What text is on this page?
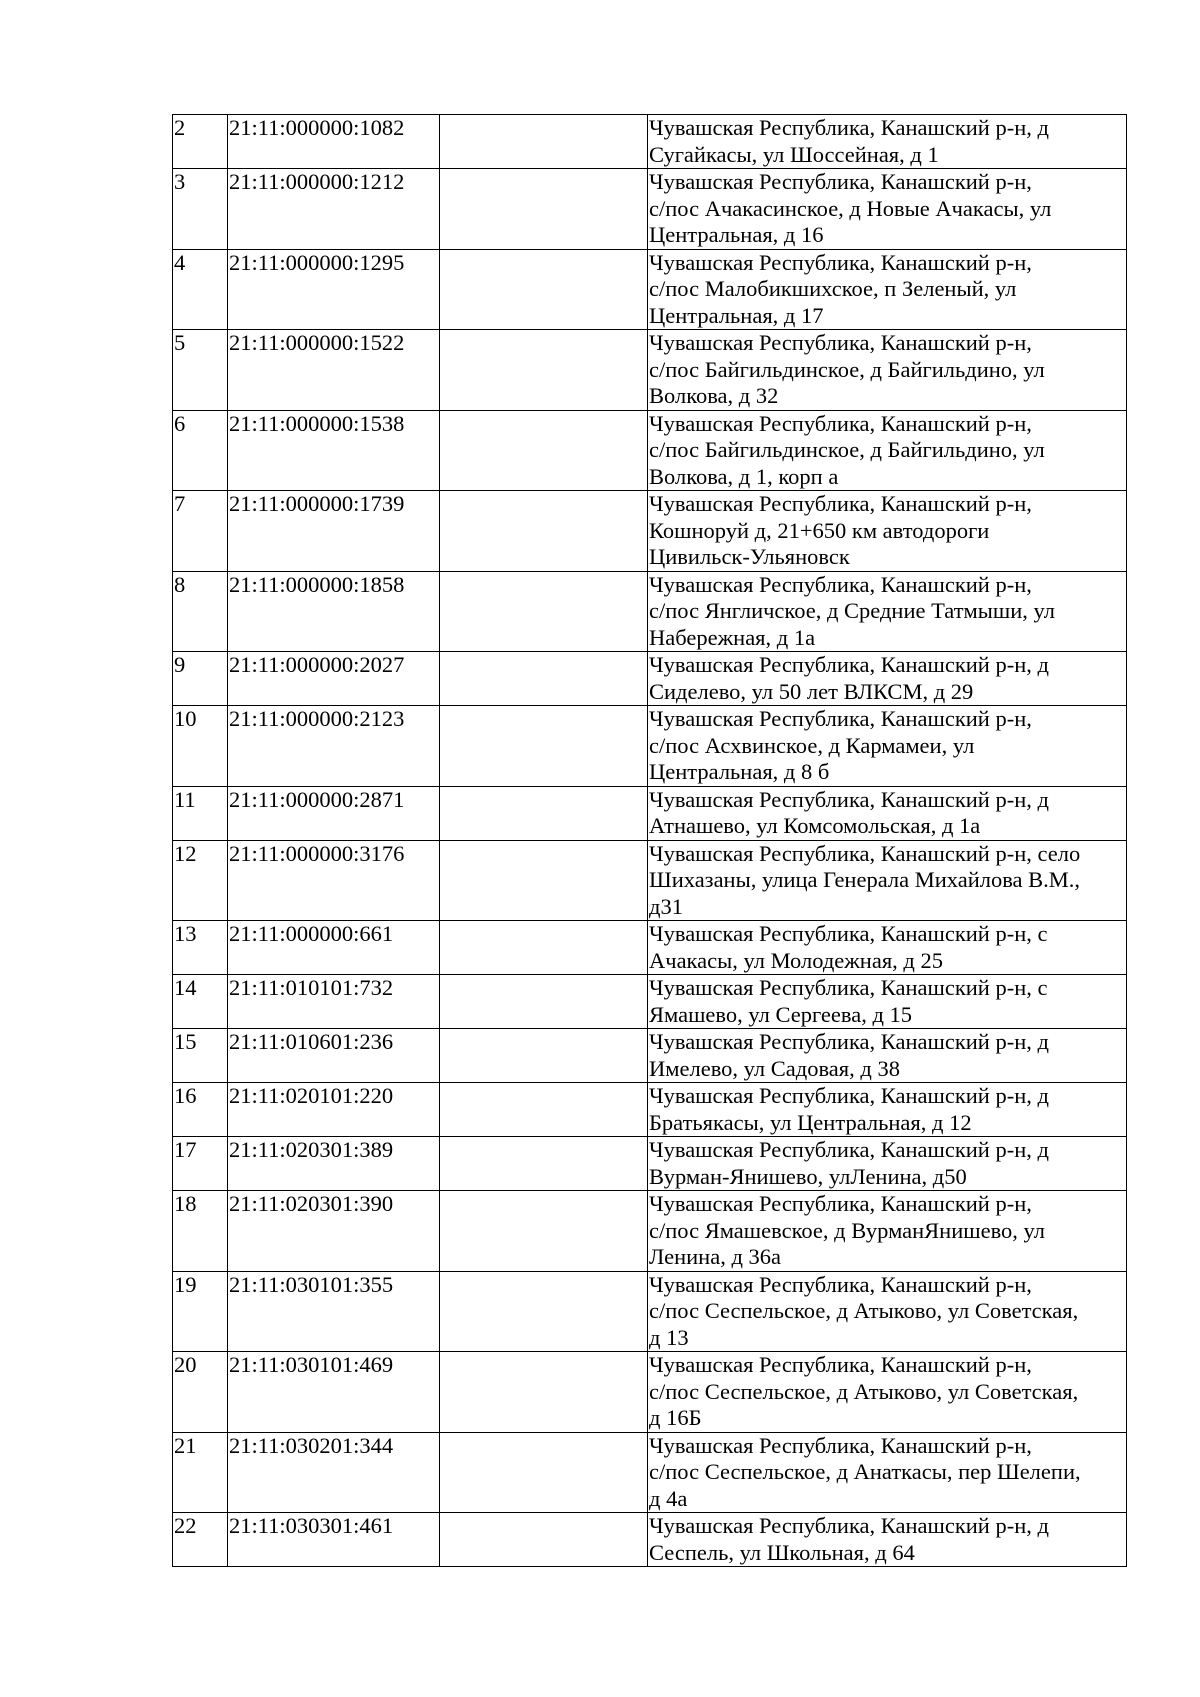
2	21:11:000000:1082		Чувашская Республика, Канашский р-н, д
Сугайкасы, ул Шоссейная, д 1

3	21:11:000000:1212		Чувашская Республика, Канашский р-н,
с/пос Ачакасинское, д Новые Ачакасы, ул
Центральная, д 16

4	21:11:000000:1295		Чувашская Республика, Канашский р-н,
с/пос Малобикшихское, п Зеленый, ул
Центральная, д 17

5	21:11:000000:1522		Чувашская Республика, Канашский р-н,
с/пос Байгильдинское, д Байгильдино, ул
Волкова, д 32

6	21:11:000000:1538		Чувашская Республика, Канашский р-н,
с/пос Байгильдинское, д Байгильдино, ул
Волкова, д 1, корп а

7	21:11:000000:1739		Чувашская Республика, Канашский р-н,
Кошноруй д, 21+650 км автодороги
Цивильск-Ульяновск

8	21:11:000000:1858		Чувашская Республика, Канашский р-н,
с/пос Янгличское, д Средние Татмыши, ул
Набережная, д 1а

9	21:11:000000:2027		Чувашская Республика, Канашский р-н, д
Сиделево, ул 50 лет ВЛКСМ, д 29

10	21:11:000000:2123		Чувашская Республика, Канашский р-н,
с/пос Асхвинское, д Кармамеи, ул
Центральная, д 8 б

11	21:11:000000:2871		Чувашская Республика, Канашский р-н, д
Атнашево, ул Комсомольская, д 1а

12	21:11:000000:3176		Чувашская Республика, Канашский р-н, село
Шихазаны, улица Генерала Михайлова В.М.,
д31

13	21:11:000000:661		Чувашская Республика, Канашский р-н, с
Ачакасы, ул Молодежная, д 25

14	21:11:010101:732		Чувашская Республика, Канашский р-н, с
Ямашево, ул Сергеева, д 15

15	21:11:010601:236		Чувашская Республика, Канашский р-н, д
Имелево, ул Садовая, д 38

16	21:11:020101:220		Чувашская Республика, Канашский р-н, д
Братьякасы, ул Центральная, д 12

17	21:11:020301:389		Чувашская Республика, Канашский р-н, д
Вурман-Янишево, улЛенина, д50

18	21:11:020301:390		Чувашская Республика, Канашский р-н,
с/пос Ямашевское, д ВурманЯнишево, ул
Ленина, д 36а

19	21:11:030101:355		Чувашская Республика, Канашский р-н,
с/пос Сеспельское, д Атыково, ул Советская,
д 13

20	21:11:030101:469		Чувашская Республика, Канашский р-н,
с/пос Сеспельское, д Атыково, ул Советская,
д 16Б

21	21:11:030201:344		Чувашская Республика, Канашский р-н,
с/пос Сеспельское, д Анаткасы, пер Шелепи,
д 4а

22	21:11:030301:461		Чувашская Республика, Канашский р-н, д
Сеспель, ул Школьная, д 64
